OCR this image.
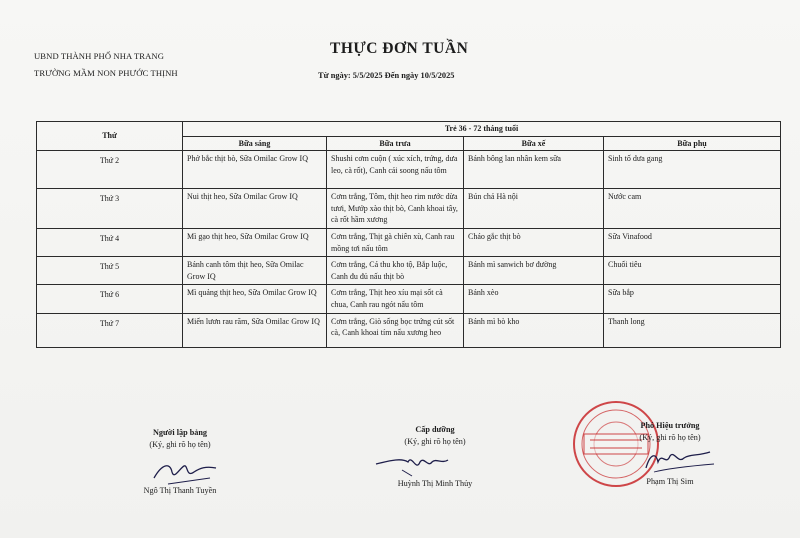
UBND THÀNH PHỐ NHA TRANG
TRƯỜNG MẦM NON PHƯỚC THỊNH
THỰC ĐƠN TUẦN
Từ ngày: 5/5/2025 Đến ngày 10/5/2025
Thứ	Trẻ 36 - 72 tháng tuổi			
	Bữa sáng	Bữa trưa	Bữa xế	Bữa phụ
Thứ 2	Phở bắc thịt bò, Sữa Omilac Grow IQ	Shushi cơm cuộn ( xúc xích, trứng, dưa leo, cà rốt), Canh cải soong nấu tôm	Bánh bông lan nhân kem sữa	Sinh tố dưa gang
Thứ 3	Nui thịt heo, Sữa Omilac Grow IQ	Cơm trắng, Tôm, thịt heo rim nước dừa tươi, Mướp xào thịt bò, Canh khoai tây, cà rốt hầm xương	Bún chả Hà nội	Nước cam
Thứ 4	Mì gạo thịt heo, Sữa Omilac Grow IQ	Cơm trắng, Thịt gà chiên xù, Canh rau mồng tơi nấu tôm	Cháo gắc thịt bò	Sữa Vinafood
Thứ 5	Bánh canh tôm thịt heo, Sữa Omilac Grow IQ	Cơm trắng, Cá thu kho tộ, Bắp luộc, Canh đu đủ nấu thịt bò	Bánh mì sanwich bơ đường	Chuối tiêu
Thứ 6	Mì quảng thịt heo, Sữa Omilac Grow IQ	Cơm trắng, Thịt heo xíu mại sốt cà chua, Canh rau ngót nấu tôm	Bánh xèo	Sữa bắp
Thứ 7	Miến lươn rau răm, Sữa Omilac Grow IQ	Cơm trắng, Giò sống bọc trứng cút sốt cà, Canh khoai tím nấu xương heo	Bánh mì bò kho	Thanh long
Người lập bảng
(Ký, ghi rõ họ tên)
Ngô Thị Thanh Tuyền
Cấp dưỡng
(Ký, ghi rõ họ tên)
Huỳnh Thị Minh Thủy
Phó Hiệu trưởng
(Ký, ghi rõ họ tên)
Phạm Thị Sim
